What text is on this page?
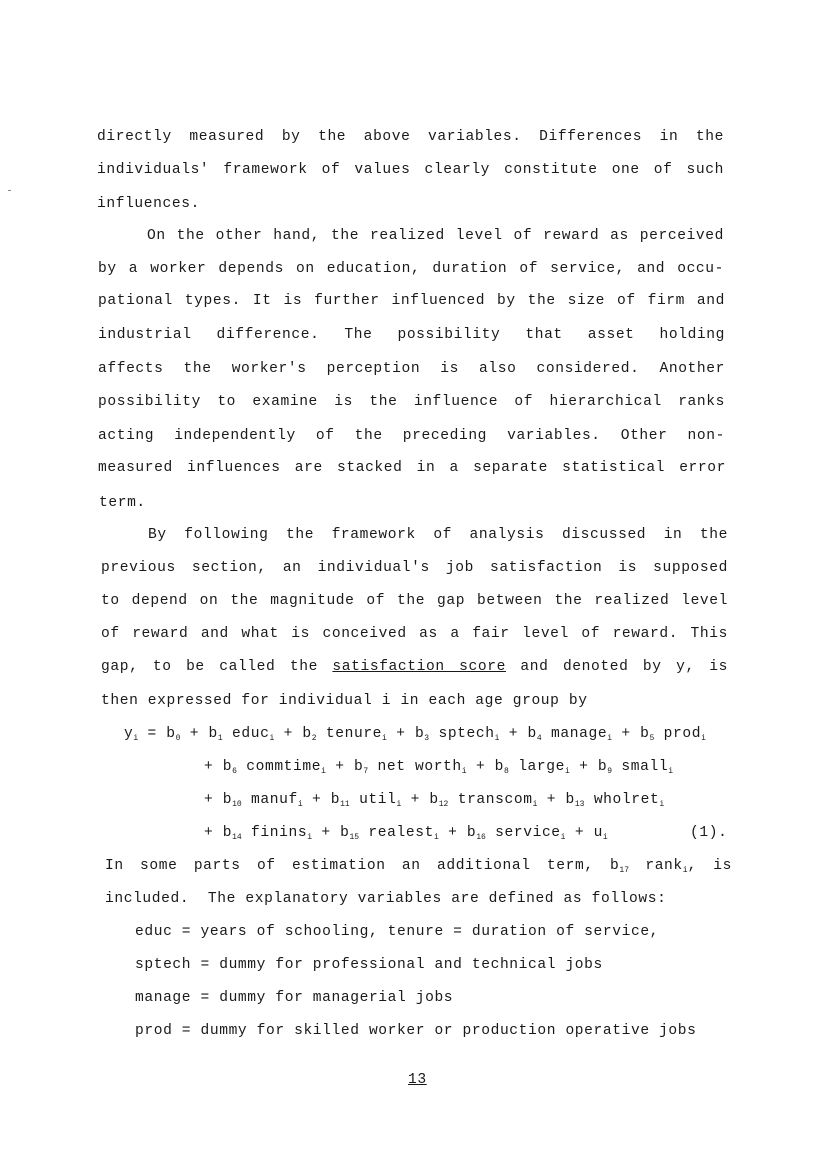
directly measured by the above variables. Differences in the
individuals' framework of values clearly constitute one of such
influences.
On the other hand, the realized level of reward as perceived
by a worker depends on education, duration of service, and occu-
pational types. It is further influenced by the size of firm and
industrial difference. The possibility that asset holding
affects the worker's perception is also considered. Another
possibility to examine is the influence of hierarchical ranks
acting independently of the preceding variables. Other non-
measured influences are stacked in a separate statistical error
term.
By following the framework of analysis discussed in the
previous section, an individual's job satisfaction is supposed
to depend on the magnitude of the gap between the realized level
of reward and what is conceived as a fair level of reward. This
gap, to be called the satisfaction score and denoted by y, is
then expressed for individual i in each age group by
$y_i = b_0 + b_1$ educ$_i$ + $b_2$ tenure$_i$ + $b_3$ sptech$_i$ + $b_4$ manage$_i$ + $b_5$ prod$_i$
+ $b_6$ commtime$_i$ + $b_7$ net worth$_i$ + $b_8$ large$_i$ + $b_9$ small$_i$
+ $b_{10}$ manuf$_i$ + $b_{11}$ util$_i$ + $b_{12}$ transcom$_i$ + $b_{13}$ wholret$_i$
+ $b_{14}$ finins$_i$ + $b_{15}$ realest$_i$ + $b_{16}$ service$_i$ + $u_i$	(1).
In some parts of estimation an additional term, $b_{17}$ rank$_i$, is
included.  The explanatory variables are defined as follows:
educ = years of schooling, tenure = duration of service,
sptech = dummy for professional and technical jobs
manage = dummy for managerial jobs
prod = dummy for skilled worker or production operative jobs
13
